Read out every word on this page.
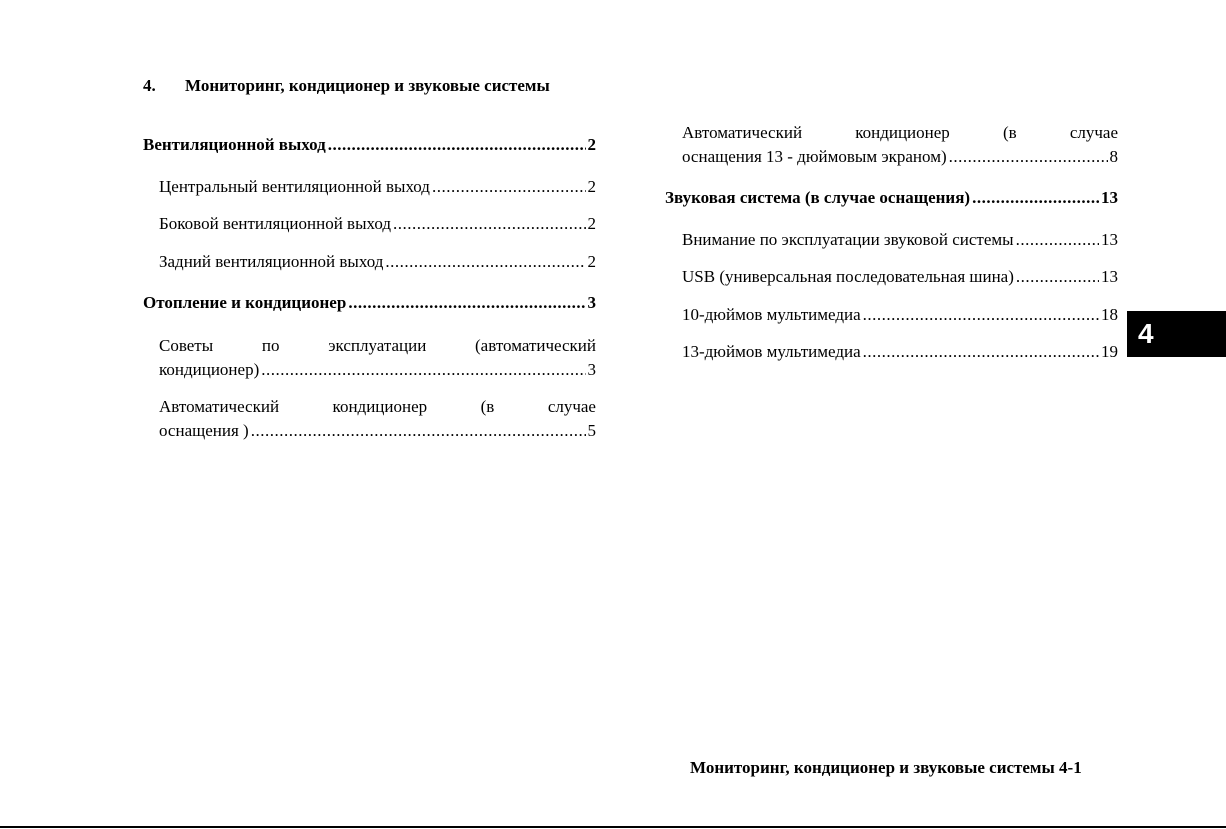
4. Мониторинг, кондиционер и звуковые системы
Вентиляционной выход .....	2
Центральный вентиляционной выход .....	2
Боковой вентиляционной выход .....	2
Задний вентиляционной выход .....	2
Отопление и кондиционер .....	3
Советы	по	эксплуатации	(автоматический
кондиционер) .....	3
Автоматический	кондиционер	(в	случае
оснащения ) .....	5
Автоматический	кондиционер	(в	случае
оснащения 13 - дюймовым экраном) .....	8
Звуковая система (в случае оснащения) .....	13
Внимание по эксплуатации звуковой системы .....	13
USB (универсальная последовательная шина) .....	13
10-дюймов мультимедиа .....	18
13-дюймов мультимедиа .....	19
4
Мониторинг, кондиционер и звуковые системы 4-1
